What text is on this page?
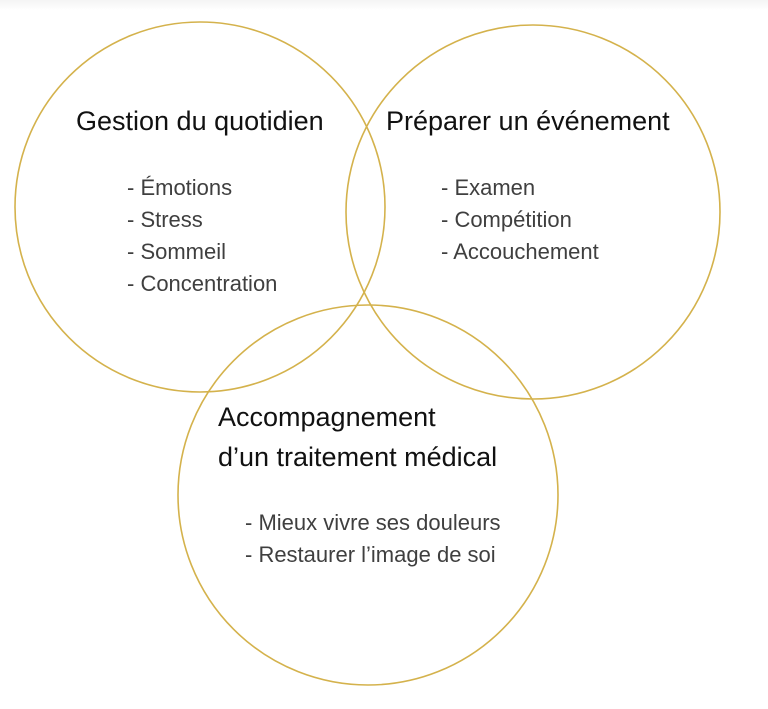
Gestion du quotidien
- Émotions
- Stress
- Sommeil
- Concentration
Préparer un événement
- Examen
- Compétition
- Accouchement
Accompagnement
d’un traitement médical
- Mieux vivre ses douleurs
- Restaurer l’image de soi
